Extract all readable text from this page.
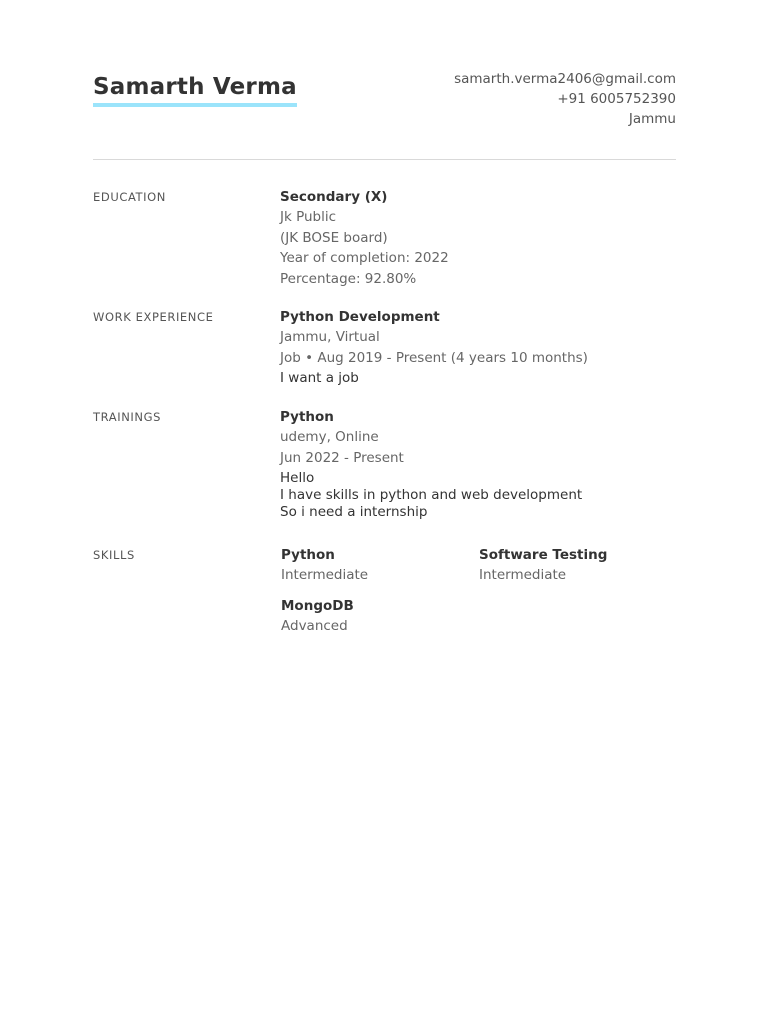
Samarth Verma	samarth.verma2406@gmail.com
+91 6005752390
Jammu
EDUCATION	Secondary (X)
Jk Public
(JK BOSE board)
Year of completion: 2022
Percentage: 92.80%
WORK EXPERIENCE	Python Development
Jammu, Virtual
Job • Aug 2019 - Present (4 years 10 months)
I want a job
TRAININGS	Python
udemy, Online
Jun 2022 - Present
Hello
I have skills in python and web development
So i need a internship
SKILLS	Python
Intermediate
Software Testing
Intermediate
MongoDB
Advanced
